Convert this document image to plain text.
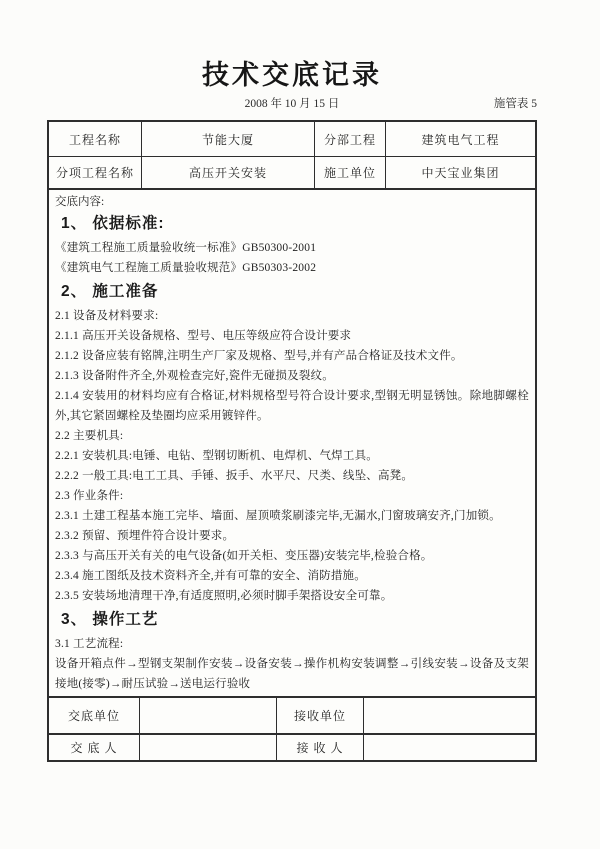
技术交底记录
2008 年 10 月 15 日	施管表 5
工程名称	节能大厦	分部工程	建筑电气工程
分项工程名称	高压开关安装	施工单位	中天宝业集团
交底内容:
1、 依据标准:
《建筑工程施工质量验收统一标准》GB50300-2001
《建筑电气工程施工质量验收规范》GB50303-2002
2、 施工准备
2.1 设备及材料要求:
2.1.1 高压开关设备规格、型号、电压等级应符合设计要求
2.1.2 设备应装有铭牌,注明生产厂家及规格、型号,并有产品合格证及技术文件。
2.1.3 设备附件齐全,外观检查完好,瓷件无碰损及裂纹。
2.1.4 安装用的材料均应有合格证,材料规格型号符合设计要求,型钢无明显锈蚀。除地脚螺栓外,其它紧固螺栓及垫圈均应采用镀锌件。
2.2 主要机具:
2.2.1 安装机具:电锤、电钻、型钢切断机、电焊机、气焊工具。
2.2.2 一般工具:电工工具、手锤、扳手、水平尺、尺类、线坠、高凳。
2.3 作业条件:
2.3.1 土建工程基本施工完毕、墙面、屋顶喷浆刷漆完毕,无漏水,门窗玻璃安齐,门加锁。
2.3.2 预留、预埋件符合设计要求。
2.3.3 与高压开关有关的电气设备(如开关柜、变压器)安装完毕,检验合格。
2.3.4 施工图纸及技术资料齐全,并有可靠的安全、消防措施。
2.3.5 安装场地清理干净,有适度照明,必须时脚手架搭设安全可靠。
3、 操作工艺
3.1 工艺流程:
设备开箱点件→型钢支架制作安装→设备安装→操作机构安装调整→引线安装→设备及支架接地(接零)→耐压试验→送电运行验收
交底单位	接收单位
交 底 人	接 收 人
